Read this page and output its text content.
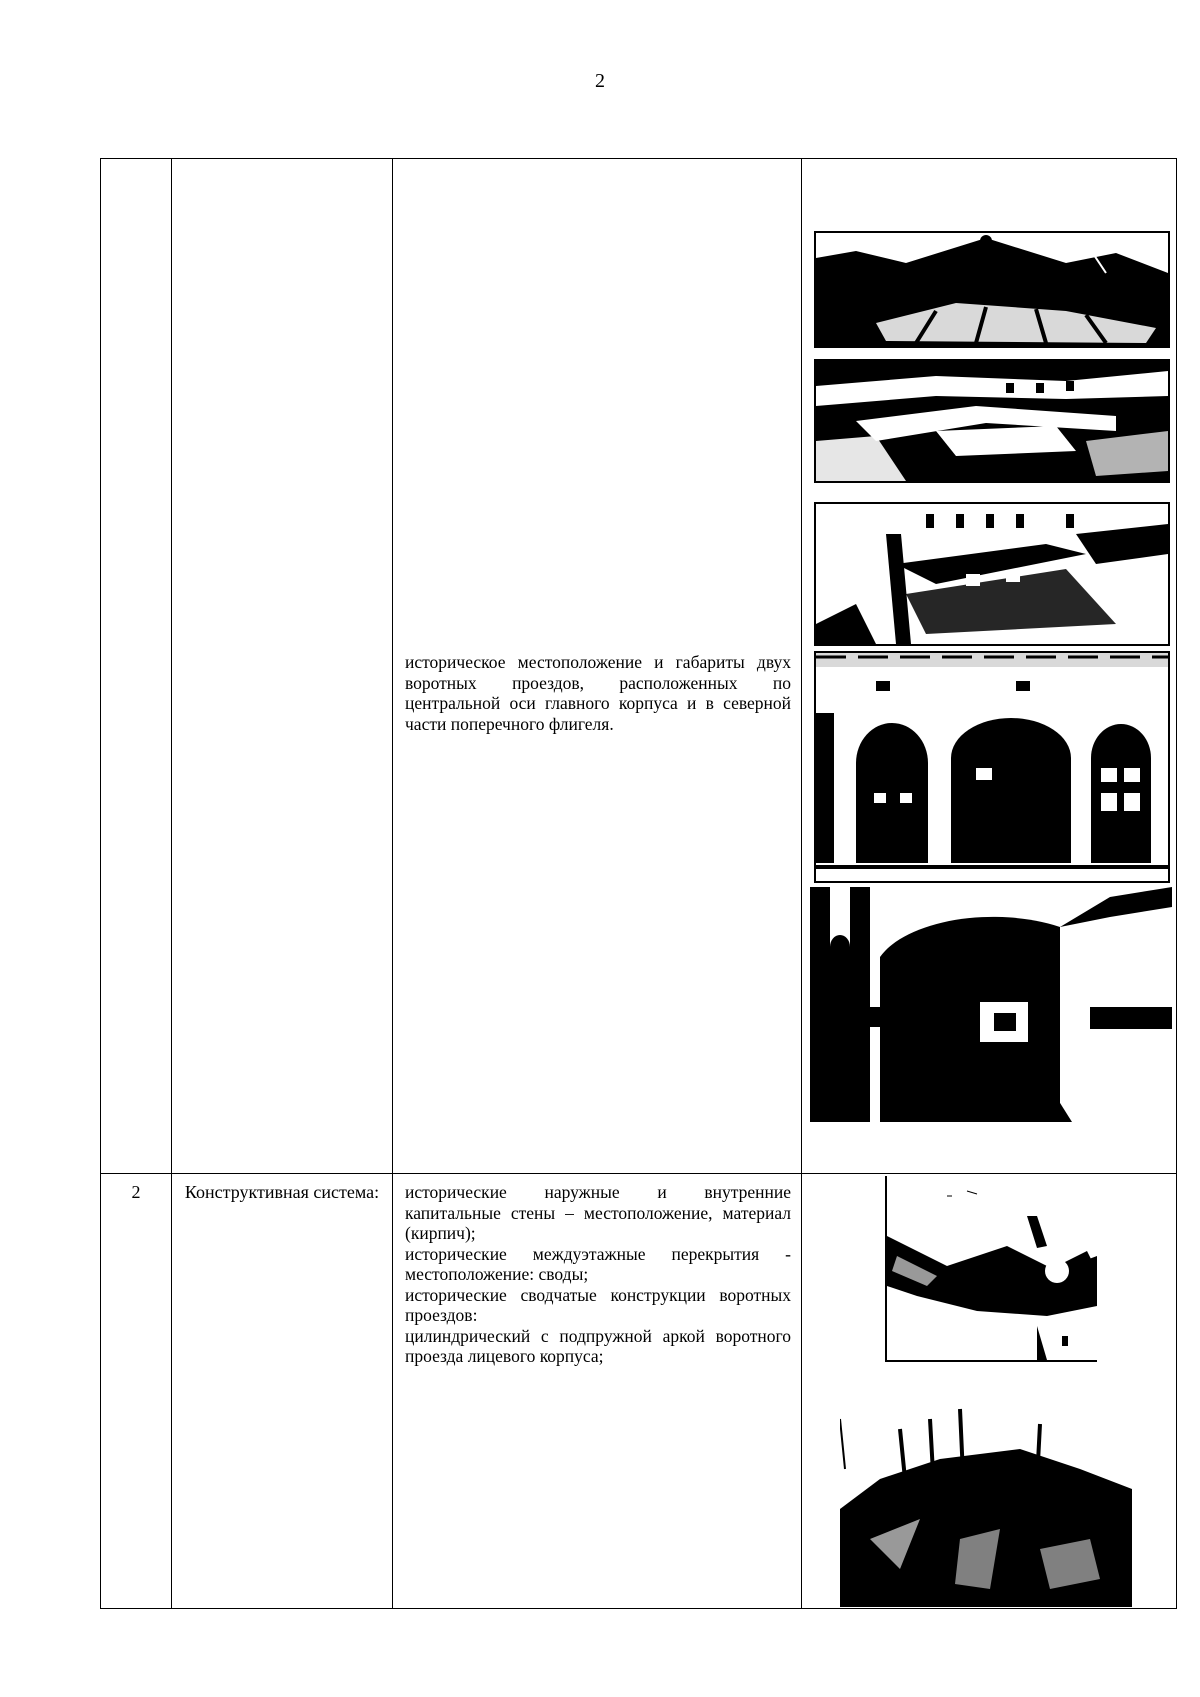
2

		историческое местоположение и габариты двух воротных проездов, расположенных по центральной оси главного корпуса и в северной части поперечного флигеля.

2	Конструктивная система:	исторические наружные и внутренние капитальные стены – местоположение, материал (кирпич);

исторические междуэтажные перекрытия - местоположение: своды;

исторические сводчатые конструкции воротных проездов:

цилиндрический с подпружной аркой воротного проезда лицевого корпуса;
